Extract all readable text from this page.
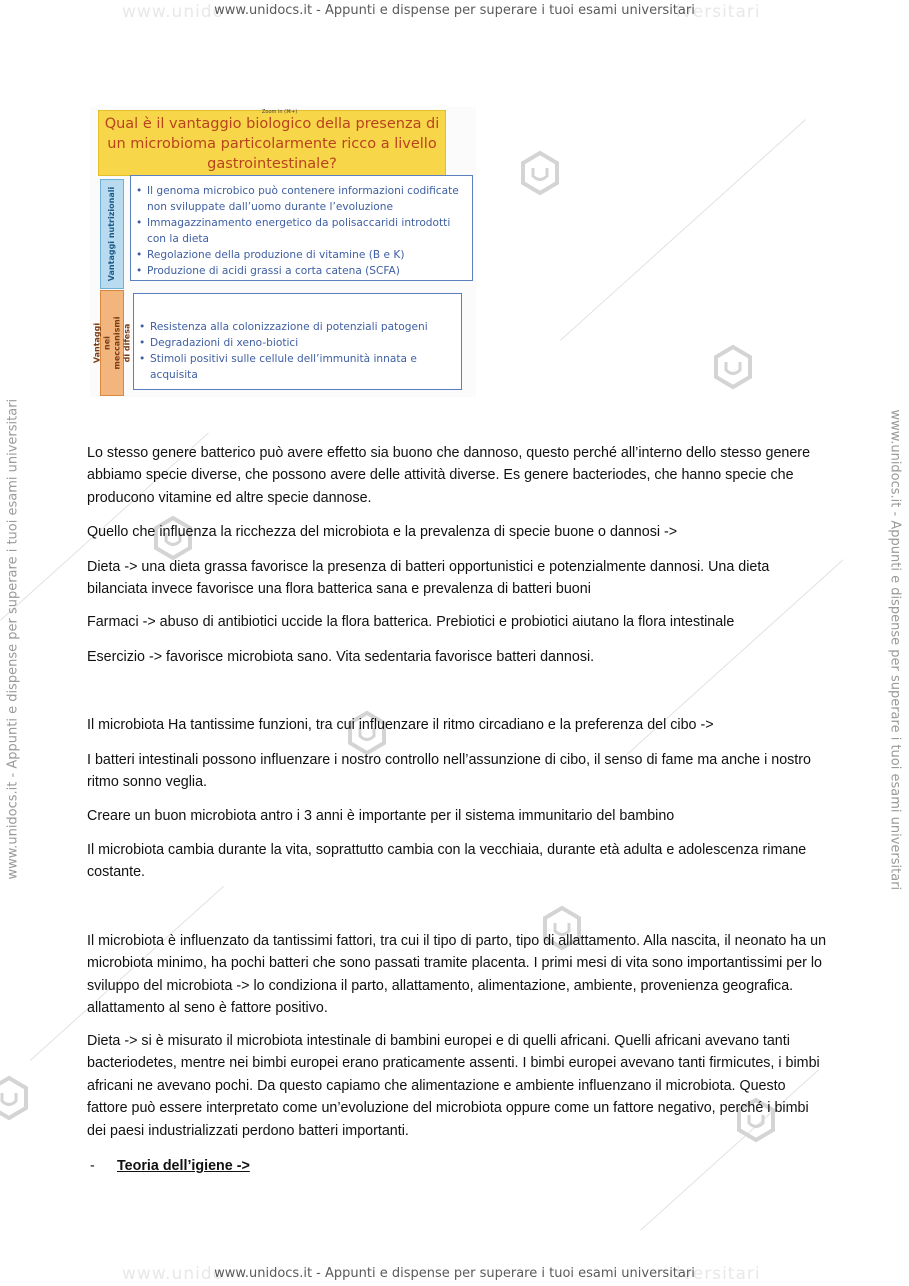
www.unido	iversitari
www.unidocs.it - Appunti e dispense per superare i tuoi esami universitari
www.unido	iversitari
www.unidocs.it - Appunti e dispense per superare i tuoi esami universitari
www.unidocs.it - Appunti e dispense per superare i tuoi esami universitari	www.unidocs.it - Appunti e dispense per superare i tuoi esami universitari
Qual è il vantaggio biologico della presenza di un microbioma particolarmente ricco a livello gastrointestinale?
Zoom in (⌘+)
Vantaggi nutrizionali	• Il genoma microbico può contenere informazioni codificate non sviluppate dall’uomo durante l’evoluzione
• Immagazzinamento energetico da polisaccaridi introdotti con la dieta
• Regolazione della produzione di vitamine (B e K)
• Produzione di acidi grassi a corta catena (SCFA)
Vantaggi nei meccanismi di difesa	• Resistenza alla colonizzazione di potenziali patogeni
• Degradazioni di xeno-biotici
• Stimoli positivi sulle cellule dell’immunità innata e acquisita
Lo stesso genere batterico può avere effetto sia buono che dannoso, questo perché all’interno dello stesso genere abbiamo specie diverse, che possono avere delle attività diverse. Es genere bacteriodes, che hanno specie che producono vitamine ed altre specie dannose.
Quello che influenza la ricchezza del microbiota e la prevalenza di specie buone o dannosi ->
Dieta -> una dieta grassa favorisce la presenza di batteri opportunistici e potenzialmente dannosi. Una dieta bilanciata invece favorisce una flora batterica sana e prevalenza di batteri buoni
Farmaci -> abuso di antibiotici uccide la flora batterica. Prebiotici e probiotici aiutano la flora intestinale
Esercizio -> favorisce microbiota sano. Vita sedentaria favorisce batteri dannosi.
Il microbiota Ha tantissime funzioni, tra cui influenzare il ritmo circadiano e la preferenza del cibo ->
I batteri intestinali possono influenzare i nostro controllo nell’assunzione di cibo, il senso di fame ma anche i nostro ritmo sonno veglia.
Creare un buon microbiota antro i 3 anni è importante per il sistema immunitario del bambino
Il microbiota cambia durante la vita, soprattutto cambia con la vecchiaia, durante età adulta e adolescenza rimane costante.
Il microbiota è influenzato da tantissimi fattori, tra cui il tipo di parto, tipo di allattamento. Alla nascita, il neonato ha un microbiota minimo, ha pochi batteri che sono passati tramite placenta. I primi mesi di vita sono importantissimi per lo sviluppo del microbiota -> lo condiziona il parto, allattamento, alimentazione, ambiente, provenienza geografica. allattamento al seno è fattore positivo.
Dieta -> si è misurato il microbiota intestinale di bambini europei e di quelli africani. Quelli africani avevano tanti bacteriodetes, mentre nei bimbi europei erano praticamente assenti. I bimbi europei avevano tanti firmicutes, i bimbi africani ne avevano pochi. Da questo capiamo che alimentazione e ambiente influenzano il microbiota. Questo fattore può essere interpretato come un’evoluzione del microbiota oppure come un fattore negativo, perché i bimbi dei paesi industrializzati perdono batteri importanti.
- Teoria dell’igiene ->
